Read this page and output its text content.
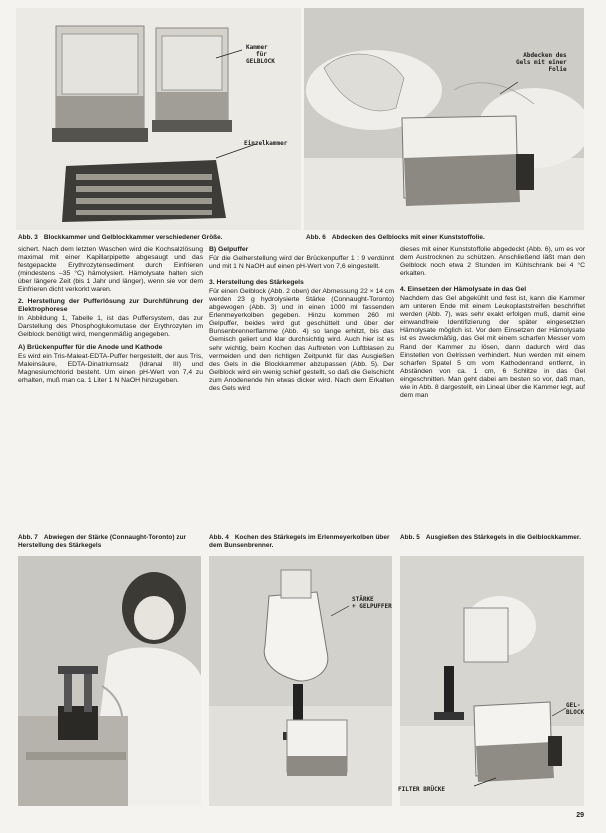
Kammer
für
GELBLOCK
Einzelkammer
Abdecken des
Gels mit einer
Folie
Abb. 3 Blockkammer und Gelblockkammer verschiedener Größe.	Abb. 6 Abdecken des Gelblocks mit einer Kunststoffolie.

sichert. Nach dem letzten Waschen wird die Kochsalzlösung maximal mit einer Kapillarpipette abgesaugt und das festgepackte Erythrozytensediment durch Einfrieren (mindestens –35 °C) hämolysiert. Hämolysate halten sich über längere Zeit (bis 1 Jahr und länger), wenn sie vor dem Einfrieren dicht verkorkt waren.

2. Herstellung der Pufferlösung zur Durchführung der Elektrophorese

In Abbildung 1, Tabelle 1, ist das Puffersystem, das zur Darstellung des Phosphoglukomutase der Erythrozyten im Gelblock benötigt wird, mengenmäßig angegeben.

A) Brückenpuffer für die Anode und Kathode

Es wird ein Tris-Maleat-EDTA-Puffer hergestellt, der aus Tris, Maleinsäure, EDTA-Dinatriumsalz (Idranal III) und Magnesiumchlorid besteht. Um einen pH-Wert von 7,4 zu erhalten, muß man ca. 1 Liter 1 N NaOH hinzugeben.

B) Gelpuffer

Für die Gelherstellung wird der Brückenpuffer 1 : 9 verdünnt und mit 1 N NaOH auf einen pH-Wert von 7,6 eingestellt.

3. Herstellung des Stärkegels

Für einen Gelblock (Abb. 2 oben) der Abmessung 22 × 14 cm werden 23 g hydrolysierte Stärke (Connaught-Toronto) abgewogen (Abb. 3) und in einen 1000 ml fassenden Erlenmeyerkolben gegeben. Hinzu kommen 260 ml Gelpuffer, beides wird gut geschüttelt und über der Bunsenbrennerflamme (Abb. 4) so lange erhitzt, bis das Gemisch geliert und klar durchsichtig wird. Auch hier ist es sehr wichtig, beim Kochen das Auftreten von Luftblasen zu vermeiden und den richtigen Zeitpunkt für das Ausgießen des Gels in die Blockkammer abzupassen (Abb. 5). Der Gelblock wird ein wenig schief gestellt, so daß die Gelschicht zum Anodenende hin etwas dicker wird. Nach dem Erkalten des Gels wird

dieses mit einer Kunststoffolie abgedeckt (Abb. 6), um es vor dem Austrocknen zu schützen. Anschließend läßt man den Gelblock noch etwa 2 Stunden im Kühlschrank bei 4 °C erkalten.

4. Einsetzen der Hämolysate in das Gel

Nachdem das Gel abgekühlt und fest ist, kann die Kammer am unteren Ende mit einem Leukoplaststreifen beschriftet werden (Abb. 7), was sehr exakt erfolgen muß, damit eine einwandfreie Identifizierung der später eingesetzten Hämolysate möglich ist. Vor dem Einsetzen der Hämolysate ist es zweckmäßig, das Gel mit einem scharfen Messer vom Rand der Kammer zu lösen, dann dadurch wird das Einstellen von Gelrissen verhindert. Nun werden mit einem scharfen Spatel 5 cm vom Kathodenrand entfernt, in Abständen von ca. 1 cm, 6 Schlitze in das Gel eingeschnitten. Man geht dabei am besten so vor, daß man, wie in Abb. 8 dargestellt, ein Lineal über die Kammer legt, auf dem man

Abb. 7 Abwiegen der Stärke (Connaught-Toronto) zur Herstellung des Stärkegels
Abb. 4 Kochen des Stärkegels im Erlenmeyerkolben über dem Bunsenbrenner.
Abb. 5 Ausgießen des Stärkegels in die Gelblockkammer.
STÄRKE
+ GELPUFFER
GEL-
BLOCK
FILTER BRÜCKE
29
